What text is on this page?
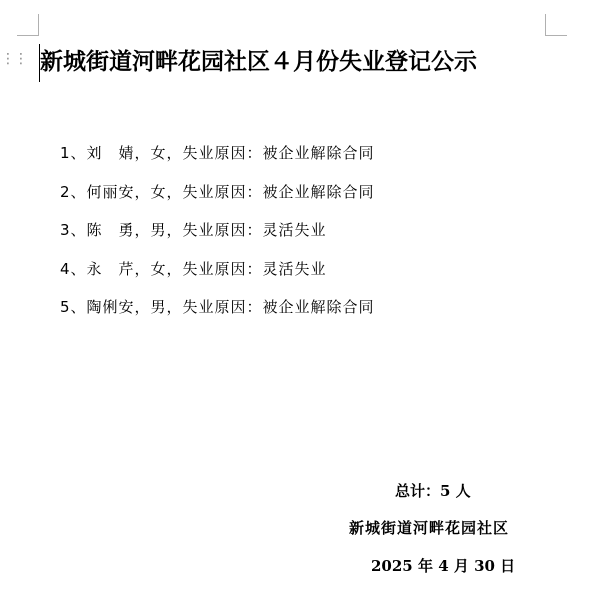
⋮⋮ 新城街道河畔花园社区４月份失业登记公示
1、刘　婧，女，失业原因：被企业解除合同
2、何丽安，女，失业原因：被企业解除合同
3、陈　勇，男，失业原因：灵活失业
4、永　芹，女，失业原因：灵活失业
5、陶俐安，男，失业原因：被企业解除合同
总计：5 人
新城街道河畔花园社区
2025 年 4 月 30 日
